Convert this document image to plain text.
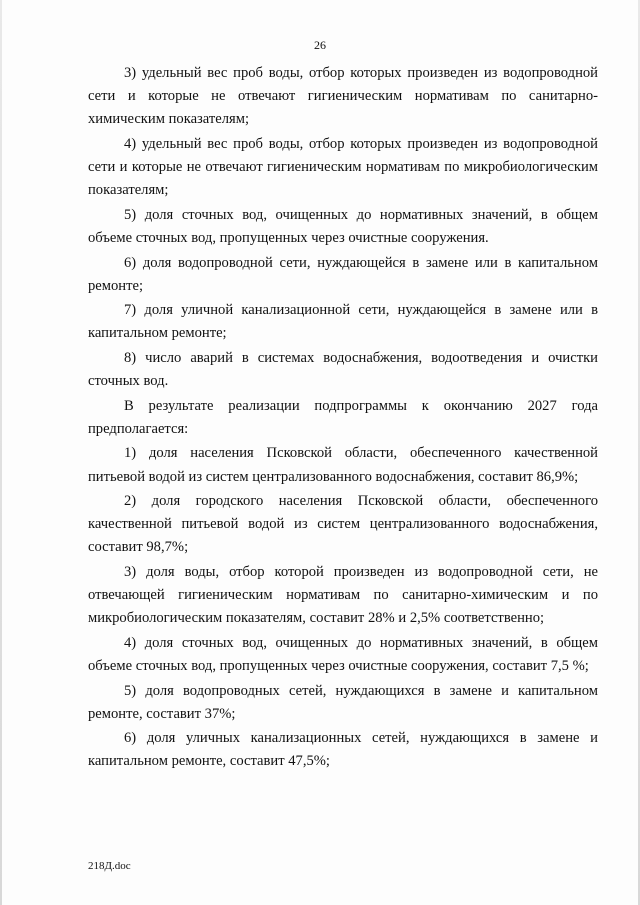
26

3) удельный вес проб воды, отбор которых произведен из водопроводной сети и которые не отвечают гигиеническим нормативам по санитарно-химическим показателям;

4) удельный вес проб воды, отбор которых произведен из водопроводной сети и которые не отвечают гигиеническим нормативам по микробиологическим показателям;

5) доля сточных вод, очищенных до нормативных значений, в общем объеме сточных вод, пропущенных через очистные сооружения.

6) доля водопроводной сети, нуждающейся в замене или в капитальном ремонте;

7) доля уличной канализационной сети, нуждающейся в замене или в капитальном ремонте;

8) число аварий в системах водоснабжения, водоотведения и очистки сточных вод.

В результате реализации подпрограммы к окончанию 2027 года предполагается:

1) доля населения Псковской области, обеспеченного качественной питьевой водой из систем централизованного водоснабжения, составит 86,9%;

2) доля городского населения Псковской области, обеспеченного качественной питьевой водой из систем централизованного водоснабжения, составит 98,7%;

3) доля воды, отбор которой произведен из водопроводной сети, не отвечающей гигиеническим нормативам по санитарно-химическим и по микробиологическим показателям, составит 28% и 2,5% соответственно;

4) доля сточных вод, очищенных до нормативных значений, в общем объеме сточных вод, пропущенных через очистные сооружения, составит 7,5 %;

5) доля водопроводных сетей, нуждающихся в замене и капитальном ремонте, составит 37%;

6) доля уличных канализационных сетей, нуждающихся в замене и капитальном ремонте, составит 47,5%;

218Д.doc
